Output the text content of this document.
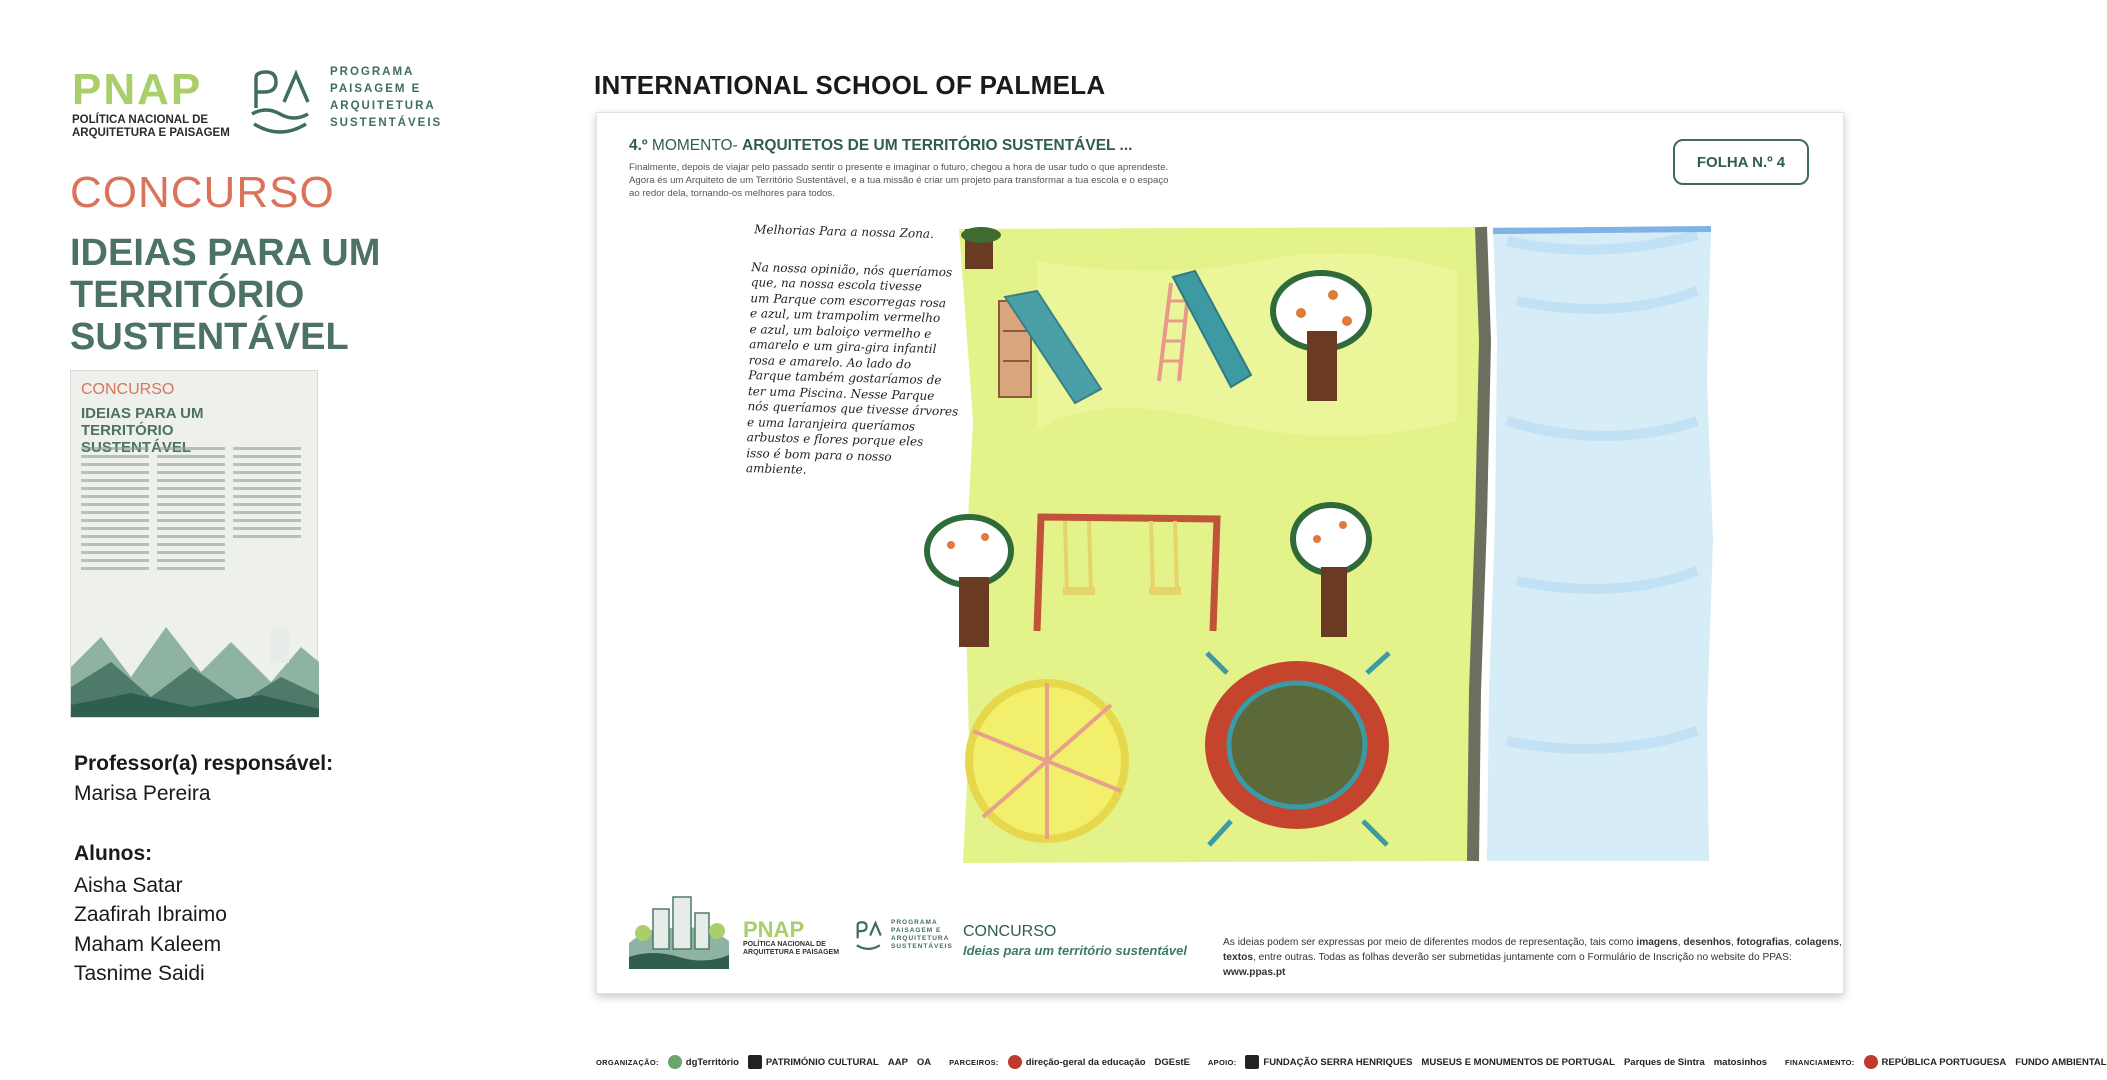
PNAP
POLÍTICA NACIONAL DE
ARQUITETURA E PAISAGEM
PROGRAMA
PAISAGEM E
ARQUITETURA
SUSTENTÁVEIS
CONCURSO
IDEIAS PARA UM TERRITÓRIO SUSTENTÁVEL
CONCURSO
IDEIAS PARA UM TERRITÓRIO
Professor(a) responsável:
Marisa Pereira
Alunos:
Aisha Satar
Zaafirah Ibraimo
Maham Kaleem
Tasnime Saidi
INTERNATIONAL SCHOOL OF PALMELA
4.º MOMENTO- ARQUITETOS DE UM TERRITÓRIO SUSTENTÁVEL ...
Finalmente, depois de viajar pelo passado sentir o presente e imaginar o futuro, chegou a hora de usar tudo o que aprendeste. Agora és um Arquiteto de um Território Sustentável, e a tua missão é criar um projeto para transformar a tua escola e o espaço ao redor dela, tornando-os melhores para todos.
FOLHA N.º 4
Melhorias Para a nossa Zona.
Na nossa opinião, nós queríamos
que, na nossa escola tivesse
um Parque com escorregas rosa
e azul, um trampolim vermelho
e azul, um baloiço vermelho e
amarelo e um gira-gira infantil
rosa e amarelo. Ao lado do
Parque também gostaríamos de
ter uma Piscina. Nesse Parque
nós queríamos que tivesse árvores
e uma laranjeira queríamos
arbustos e flores porque eles
isso é bom para o nosso
ambiente.
PNAP
POLÍTICA NACIONAL DE
ARQUITETURA E PAISAGEM
PROGRAMA
PAISAGEM E
ARQUITETURA
SUSTENTÁVEIS
CONCURSO
Ideias para um território sustentável
As ideias podem ser expressas por meio de diferentes modos de representação, tais como imagens, desenhos, fotografias, colagens, textos, entre outras. Todas as folhas deverão ser submetidas juntamente com o Formulário de Inscrição no website do PPAS: www.ppas.pt
ORGANIZAÇÃO:	dgTerritório	PATRIMÓNIO CULTURAL AAP OA PARCEIROS:	direção-geral da educação DGEstE APOIO:	FUNDAÇÃO SERRA HENRIQUES MUSEUS E MONUMENTOS DE PORTUGAL Parques de Sintra matosinhos FINANCIAMENTO:	REPÚBLICA PORTUGUESA FUNDO AMBIENTAL
